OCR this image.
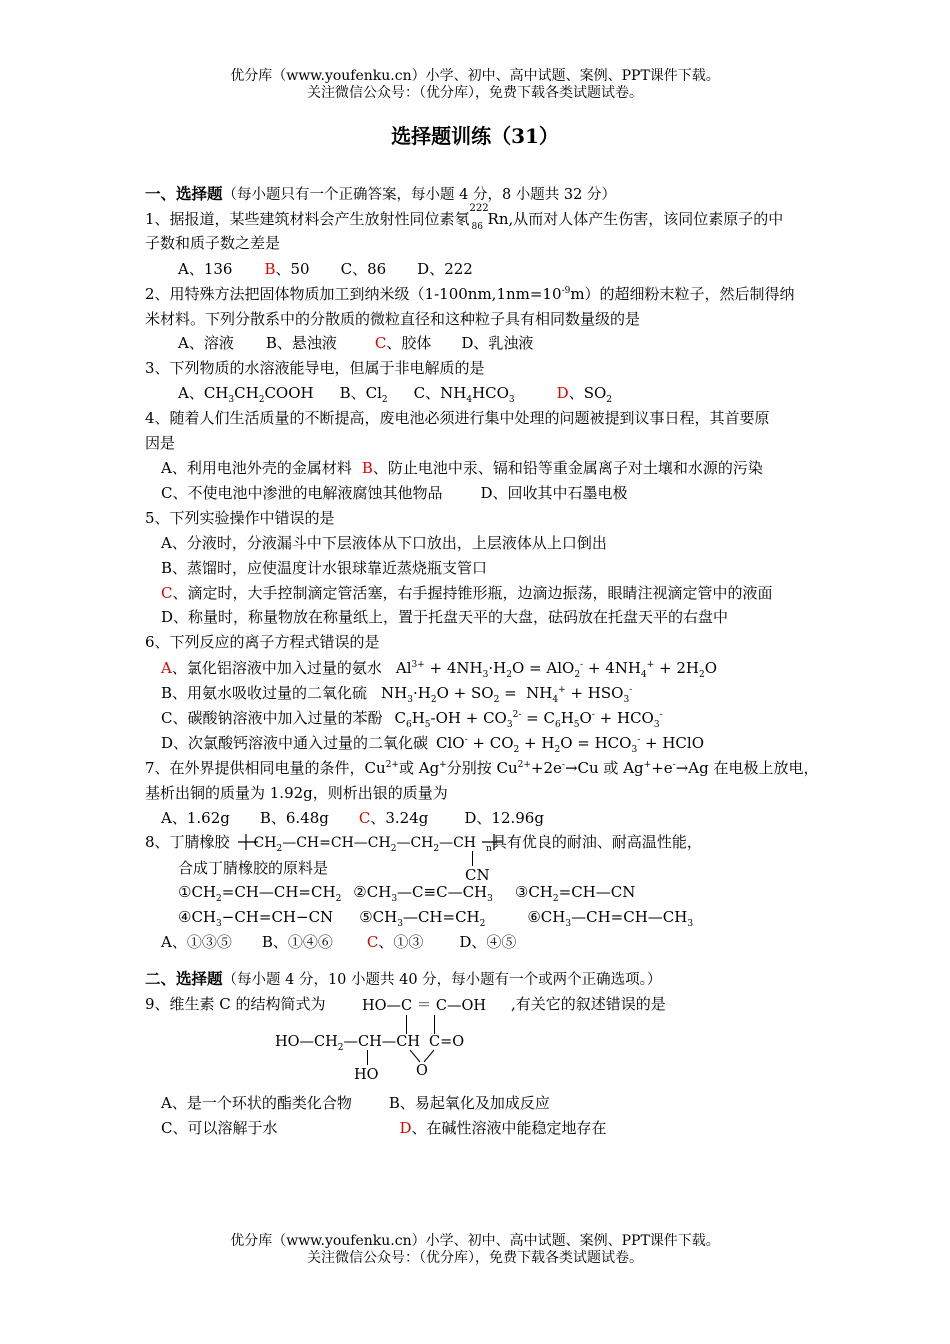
优分库（www.youfenku.cn）小学、初中、高中试题、案例、PPT课件下载。
关注微信公众号：（优分库），免费下载各类试题试卷。
选择题训练（31）
一、选择题（每小题只有一个正确答案，每小题 4 分，8 小题共 32 分）
1、据报道，某些建筑材料会产生放射性同位素氡
222
86 Rn,从而对人体产生伤害，该同位素原子的中
子数和质子数之差是
A、136 B、50 C、86 D、222
2、用特殊方法把固体物质加工到纳米级$(1-100nm,1nm=10^{-9}m)$的超细粉末粒子，然后制得纳
米材料。下列分散系中的分散质的微粒直径和这种粒子具有相同数量级的是
A、溶液 B、悬浊液	C、胶体 D、乳浊液
3、下列物质的水溶液能导电，但属于非电解质的是
A、$CH_3CH_2COOH$ B、$Cl_2$ C、$NH_4HCO_3$	D、$SO_2$
4、随着人们生活质量的不断提高，废电池必须进行集中处理的问题被提到议事日程，其首要原
因是
A、利用电池外壳的金属材料 B、防止电池中汞、镉和铅等重金属离子对土壤和水源的污染
C、不使电池中渗泄的电解液腐蚀其他物品	D、回收其中石墨电极
5、下列实验操作中错误的是
A、分液时，分液漏斗中下层液体从下口放出，上层液体从上口倒出
B、蒸馏时，应使温度计水银球靠近蒸烧瓶支管口
C、滴定时，大手控制滴定管活塞，右手握持锥形瓶，边滴边振荡，眼睛注视滴定管中的液面
D、称量时，称量物放在称量纸上，置于托盘天平的大盘，砝码放在托盘天平的右盘中
6、下列反应的离子方程式错误的是
A、氯化铝溶液中加入过量的氨水 $Al^{3+} + 4NH_3\cdot H_2O = AlO_2^- + 4NH_4^+ + 2H_2O$
B、用氨水吸收过量的二氧化硫 $NH_3\cdot H_2O + SO_2 = NH_4^+ + HSO_3^-$
C、碳酸钠溶液中加入过量的苯酚 $C_6H_5-OH + CO_3^{2-} = C_6H_5O^- + HCO_3^-$
D、次氯酸钙溶液中通入过量的二氧化碳 $ClO^- + CO_2 + H_2O = HCO_3^-$ + HClO
7、在外界提供相同电量的条件，$Cu^{2+}$或 Ag+分别按 $Cu^{2+}+2e^-\to Cu$ 或 Ag++e-→Ag 在电极上放电，
基析出铜的质量为 1.92g，则析出银的质量为
A、1.62g B、6.48g C、3.24g D、12.96g
8、丁腈橡胶 $CH_2—CH=CH—CH_2—CH_2—CH$ $_n$具有优良的耐油、耐高温性能，
CN
合成丁腈橡胶的原料是
$①CH_2=CH—CH=CH_2$ $②CH_3—C\equiv C—CH_3$ $③CH_2=CH—CN$
$④CH_3-CH=CH-CN$ $⑤CH_3—CH=CH_2$	$⑥CH_3—CH=CH—CH_3$
A、①③⑤ B、①④⑥ C、①③ D、④⑤
二、选择题（每小题 4 分，10 小题共 40 分，每小题有一个或两个正确选项。）
9、维生素 C 的结构简式为	,有关它的叙述错误的是
HO—C ＝ C—OH
$HO—CH_2—CH—CH$ C=O
HO	O
A、是一个环状的酯类化合物 B、易起氧化及加成反应
C、可以溶解于水	D、在碱性溶液中能稳定地存在
优分库（www.youfenku.cn）小学、初中、高中试题、案例、PPT课件下载。
关注微信公众号：（优分库），免费下载各类试题试卷。
